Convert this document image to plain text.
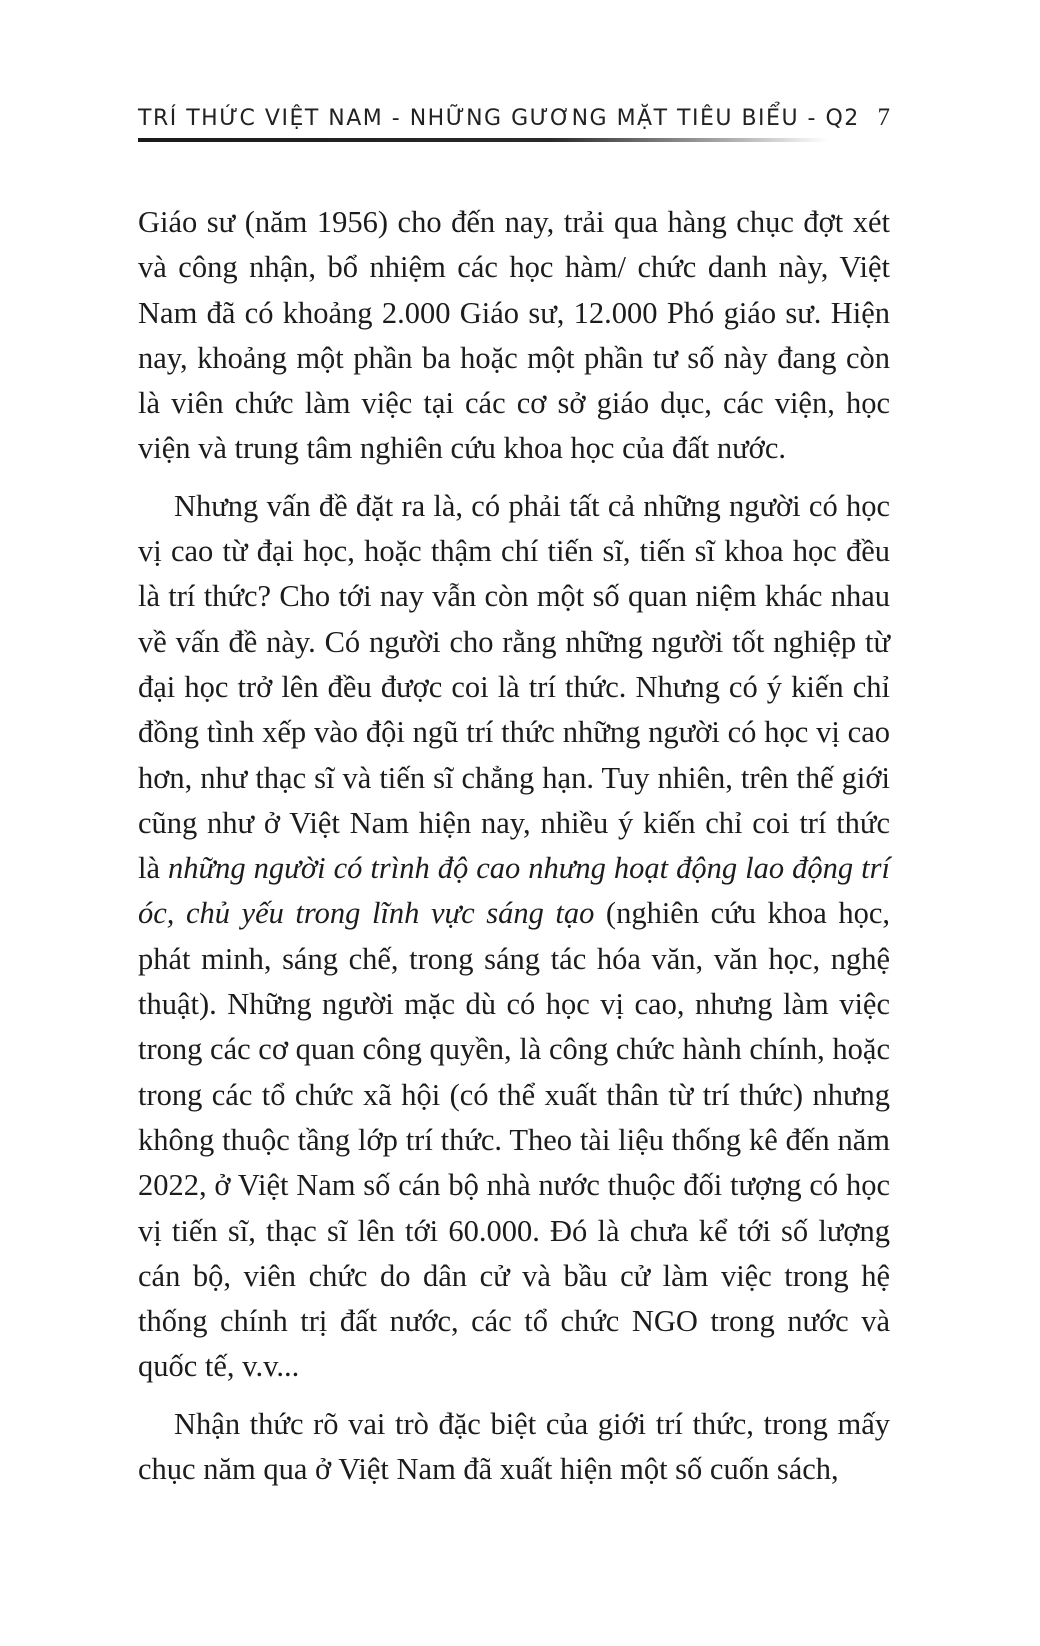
TRÍ THỨC VIỆT NAM - NHỮNG GƯƠNG MẶT TIÊU BIỂU - Q2 7

Giáo sư (năm 1956) cho đến nay, trải qua hàng chục đợt xét và công nhận, bổ nhiệm các học hàm/ chức danh này, Việt Nam đã có khoảng 2.000 Giáo sư, 12.000 Phó giáo sư. Hiện nay, khoảng một phần ba hoặc một phần tư số này đang còn là viên chức làm việc tại các cơ sở giáo dục, các viện, học viện và trung tâm nghiên cứu khoa học của đất nước.

Nhưng vấn đề đặt ra là, có phải tất cả những người có học vị cao từ đại học, hoặc thậm chí tiến sĩ, tiến sĩ khoa học đều là trí thức? Cho tới nay vẫn còn một số quan niệm khác nhau về vấn đề này. Có người cho rằng những người tốt nghiệp từ đại học trở lên đều được coi là trí thức. Nhưng có ý kiến chỉ đồng tình xếp vào đội ngũ trí thức những người có học vị cao hơn, như thạc sĩ và tiến sĩ chẳng hạn. Tuy nhiên, trên thế giới cũng như ở Việt Nam hiện nay, nhiều ý kiến chỉ coi trí thức là những người có trình độ cao nhưng hoạt động lao động trí óc, chủ yếu trong lĩnh vực sáng tạo (nghiên cứu khoa học, phát minh, sáng chế, trong sáng tác hóa văn, văn học, nghệ thuật). Những người mặc dù có học vị cao, nhưng làm việc trong các cơ quan công quyền, là công chức hành chính, hoặc trong các tổ chức xã hội (có thể xuất thân từ trí thức) nhưng không thuộc tầng lớp trí thức. Theo tài liệu thống kê đến năm 2022, ở Việt Nam số cán bộ nhà nước thuộc đối tượng có học vị tiến sĩ, thạc sĩ lên tới 60.000. Đó là chưa kể tới số lượng cán bộ, viên chức do dân cử và bầu cử làm việc trong hệ thống chính trị đất nước, các tổ chức NGO trong nước và quốc tế, v.v...

Nhận thức rõ vai trò đặc biệt của giới trí thức, trong mấy chục năm qua ở Việt Nam đã xuất hiện một số cuốn sách,
